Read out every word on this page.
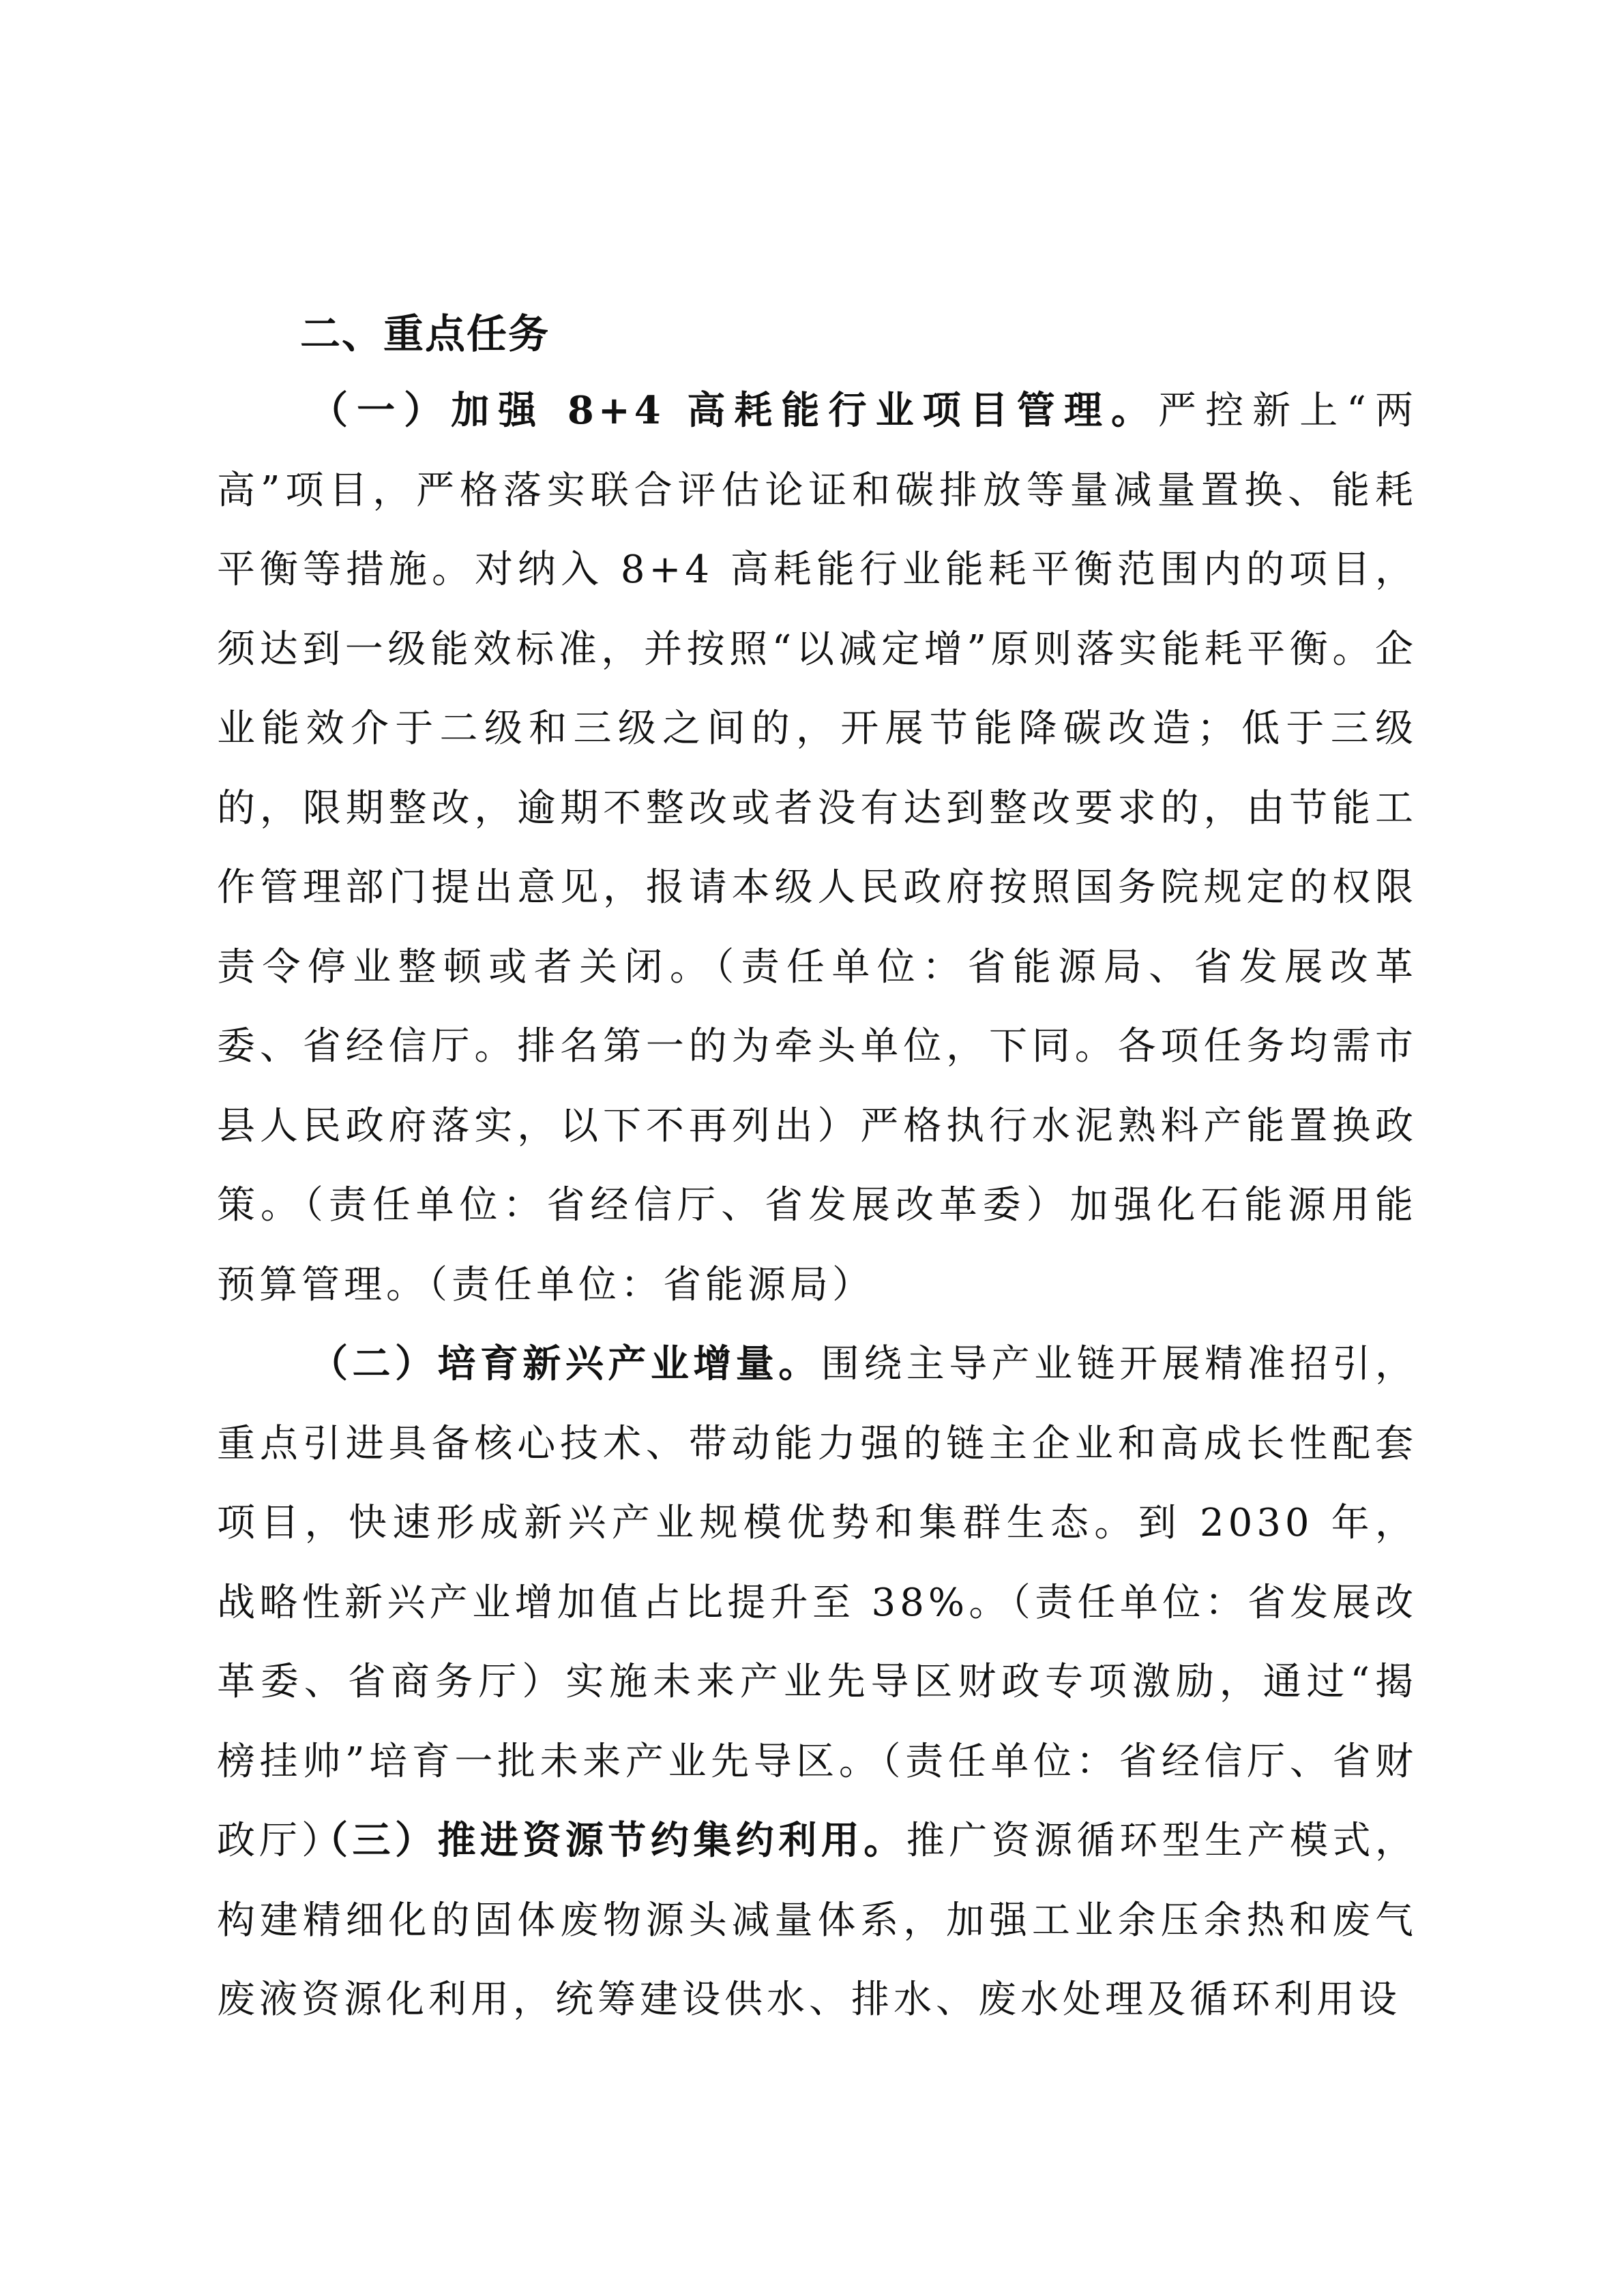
二、重点任务

（一）加强 8+4 高耗能行业项目管理。严控新上“两高”项目，严格落实联合评估论证和碳排放等量减量置换、能耗平衡等措施。对纳入 8+4 高耗能行业能耗平衡范围内的项目，须达到一级能效标准，并按照“以减定增”原则落实能耗平衡。企业能效介于二级和三级之间的，开展节能降碳改造；低于三级的，限期整改，逾期不整改或者没有达到整改要求的，由节能工作管理部门提出意见，报请本级人民政府按照国务院规定的权限责令停业整顿或者关闭。（责任单位：省能源局、省发展改革委、省经信厅。排名第一的为牵头单位，下同。各项任务均需市县人民政府落实，以下不再列出）严格执行水泥熟料产能置换政策。（责任单位：省经信厅、省发展改革委）加强化石能源用能预算管理。（责任单位：省能源局）

（二）培育新兴产业增量。围绕主导产业链开展精准招引，重点引进具备核心技术、带动能力强的链主企业和高成长性配套项目，快速形成新兴产业规模优势和集群生态。到 2030 年，战略性新兴产业增加值占比提升至 38%。（责任单位：省发展改革委、省商务厅）实施未来产业先导区财政专项激励，通过“揭榜挂帅”培育一批未来产业先导区。（责任单位：省经信厅、省财政厅）

（三）推进资源节约集约利用。推广资源循环型生产模式，构建精细化的固体废物源头减量体系，加强工业余压余热和废气废液资源化利用，统筹建设供水、排水、废水处理及循环利用设
